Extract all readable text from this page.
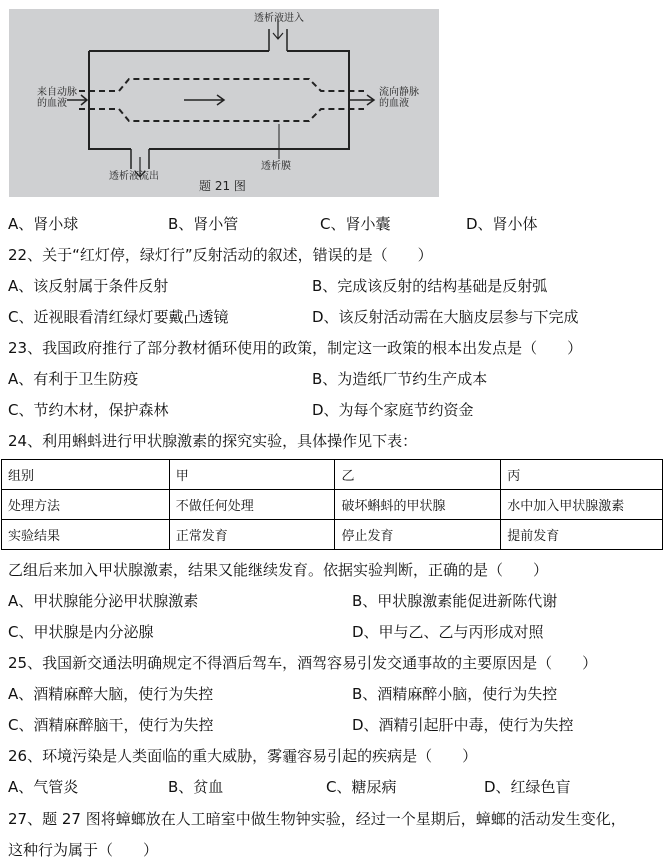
透析液进入
来自动脉
的血液
流向静脉
的血液
透析液流出
透析膜
题 21 图
A、肾小球	B、肾小管	C、肾小囊	D、肾小体
22、关于“红灯停，绿灯行”反射活动的叙述，错误的是（　　）
A、该反射属于条件反射	B、完成该反射的结构基础是反射弧
C、近视眼看清红绿灯要戴凸透镜	D、该反射活动需在大脑皮层参与下完成
23、我国政府推行了部分教材循环使用的政策，制定这一政策的根本出发点是（　　）
A、有利于卫生防疫	B、为造纸厂节约生产成本
C、节约木材，保护森林	D、为每个家庭节约资金
24、利用蝌蚪进行甲状腺激素的探究实验，具体操作见下表：
组别	甲	乙	丙
处理方法	不做任何处理	破坏蝌蚪的甲状腺	水中加入甲状腺激素
实验结果	正常发育	停止发育	提前发育
乙组后来加入甲状腺激素，结果又能继续发育。依据实验判断，正确的是（　　）
A、甲状腺能分泌甲状腺激素	B、甲状腺激素能促进新陈代谢
C、甲状腺是内分泌腺	D、甲与乙、乙与丙形成对照
25、我国新交通法明确规定不得酒后驾车，酒驾容易引发交通事故的主要原因是（　　）
A、酒精麻醉大脑，使行为失控	B、酒精麻醉小脑，使行为失控
C、酒精麻醉脑干，使行为失控	D、酒精引起肝中毒，使行为失控
26、环境污染是人类面临的重大威胁，雾霾容易引起的疾病是（　　）
A、气管炎	B、贫血	C、糖尿病	D、红绿色盲
27、题 27 图将蟑螂放在人工暗室中做生物钟实验，经过一个星期后，蟑螂的活动发生变化，
这种行为属于（　　）
